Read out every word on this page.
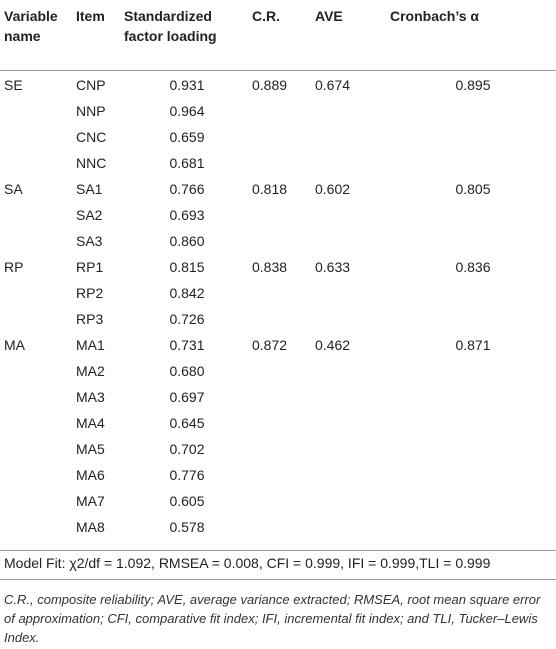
Variable name	Item	Standardized factor loading	C.R.	AVE	Cronbach’s α
SE	CNP	0.931	0.889	0.674	0.895
	NNP	0.964			
	CNC	0.659			
	NNC	0.681			
SA	SA1	0.766	0.818	0.602	0.805
	SA2	0.693			
	SA3	0.860			
RP	RP1	0.815	0.838	0.633	0.836
	RP2	0.842			
	RP3	0.726			
MA	MA1	0.731	0.872	0.462	0.871
	MA2	0.680			
	MA3	0.697			
	MA4	0.645			
	MA5	0.702			
	MA6	0.776			
	MA7	0.605			
	MA8	0.578			
Model Fit: χ2/df = 1.092, RMSEA = 0.008, CFI = 0.999, IFI = 0.999,TLI = 0.999
C.R., composite reliability; AVE, average variance extracted; RMSEA, root mean square error of approximation; CFI, comparative fit index; IFI, incremental fit index; and TLI, Tucker–Lewis Index.
